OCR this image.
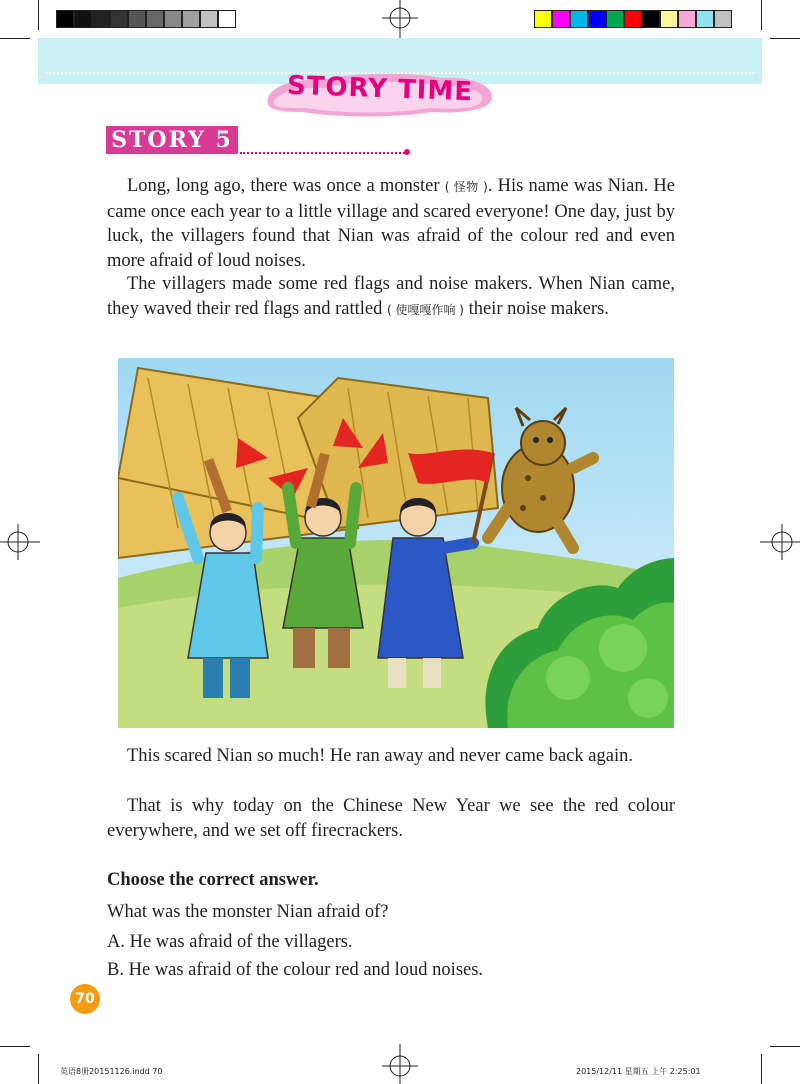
STORY TIME
STORY 5

Long, long ago, there was once a monster ( 怪物 ). His name was Nian. He came once each year to a little village and scared everyone! One day, just by luck, the villagers found that Nian was afraid of the colour red and even more afraid of loud noises.

The villagers made some red flags and noise makers. When Nian came, they waved their red flags and rattled ( 使嘎嘎作响 ) their noise makers.

This scared Nian so much! He ran away and never came back again.

That is why today on the Chinese New Year we see the red colour everywhere, and we set off firecrackers.

Choose the correct answer.
What was the monster Nian afraid of?
A. He was afraid of the villagers.
B. He was afraid of the colour red and loud noises.
70
英语8册20151126.indd 70	2015/12/11 星期五 上午 2:25:01
